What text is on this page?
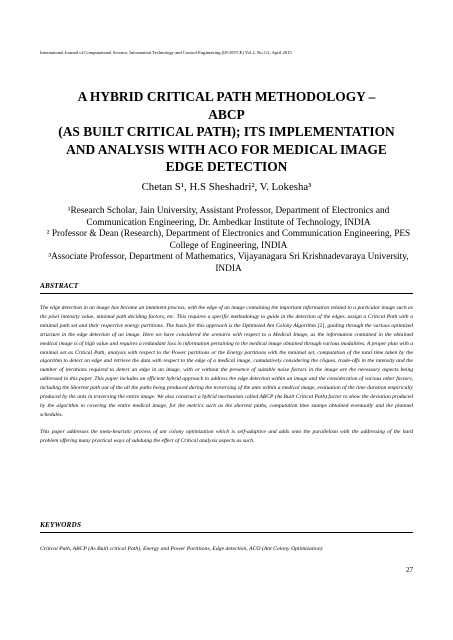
International Journal of Computational Science, Information Technology and Control Engineering (IJCSITCE) Vol.2, No.1/2, April 2015
A HYBRID CRITICAL PATH METHODOLOGY –
ABCP
(AS BUILT CRITICAL PATH); ITS IMPLEMENTATION
AND ANALYSIS WITH ACO FOR MEDICAL IMAGE
EDGE DETECTION
Chetan S¹, H.S Sheshadri², V. Lokesha³
¹Research Scholar, Jain University, Assistant Professor, Department of Electronics and Communication Engineering, Dr. Ambedkar Institute of Technology, INDIA
² Professor & Dean (Research), Department of Electronics and Communication Engineering, PES College of Engineering, INDIA
³Associate Professor, Department of Mathematics, Vijayanagara Sri Krishnadevaraya University, INDIA
ABSTRACT

The edge detection in an image has become an imminent process, with the edge of an image containing the important information related to a particular image such as the pixel intensity value, minimal path deciding factors, etc. This requires a specific methodology to guide in the detection of the edges, assign a Critical Path with a minimal path set and their respective energy partitions. The basis for this approach is the Optimized Ant Colony Algorithm [2], guiding through the various optimized structure in the edge detection of an image. Here we have considered the scenario with respect to a Medical Image, as the information contained in the obtained medical image is of high value and requires a redundant loss in information pertaining to the medical image obtained through various modalities. A proper plan with a minimal set as Critical Path, analysis with respect to the Power partitions or the Energy partitions with the minimal set, computation of the total time taken by the algorithm to detect an edge and retrieve the data with respect to the edge of a medical image, cumulatively considering the cliques, trade-offs in the intensity and the number of iterations required to detect an edge in an image, with or without the presence of suitable noise factors in the image are the necessary aspects being addressed in this paper. This paper includes an efficient hybrid approach to address the edge detection within an image and the consideration of various other factors, including the Shortest path out of the all the paths being produced during the traversing of the ants within a medical image, evaluation of the time duration empirically produced by the ants in traversing the entire image. We also construct a hybrid mechanism called ABCP (As Built Critical Path) factor to show the deviation produced by the algorithm in covering the entire medical image, for the metrics such as the shortest paths, computation time stamps obtained eventually and the planned schedules.

This paper addresses the meta-heuristic process of ant colony optimization which is self-adaptive and adds onto the parallelism with the addressing of the hard problem offering many practical ways of subduing the effect of Critical analysis aspects as such.

KEYWORDS
Critical Path, ABCP (As Built critical Path), Energy and Power Partitions, Edge detection, ACO (Ant Colony Optimization)
27
